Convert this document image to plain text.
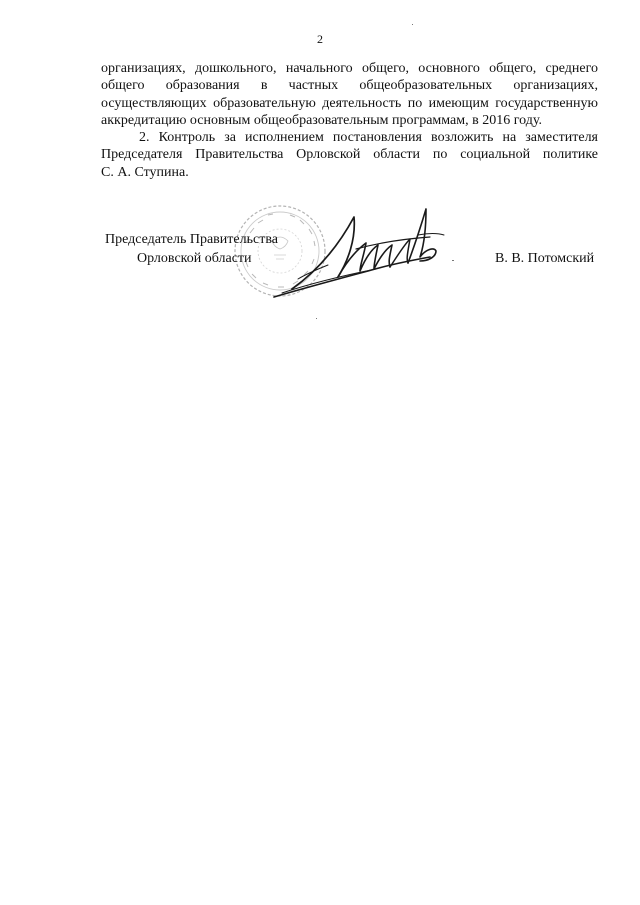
2

организациях, дошкольного, начального общего, основного общего, среднего
общего образования в частных общеобразовательных организациях,
осуществляющих образовательную деятельность по имеющим государственную
аккредитацию основным общеобразовательным программам, в 2016 году.

2. Контроль за исполнением постановления возложить на заместителя
Председателя Правительства Орловской области по социальной политике
С. А. Ступина.

Председатель Правительства
Орловской области	В. В. Потомский
